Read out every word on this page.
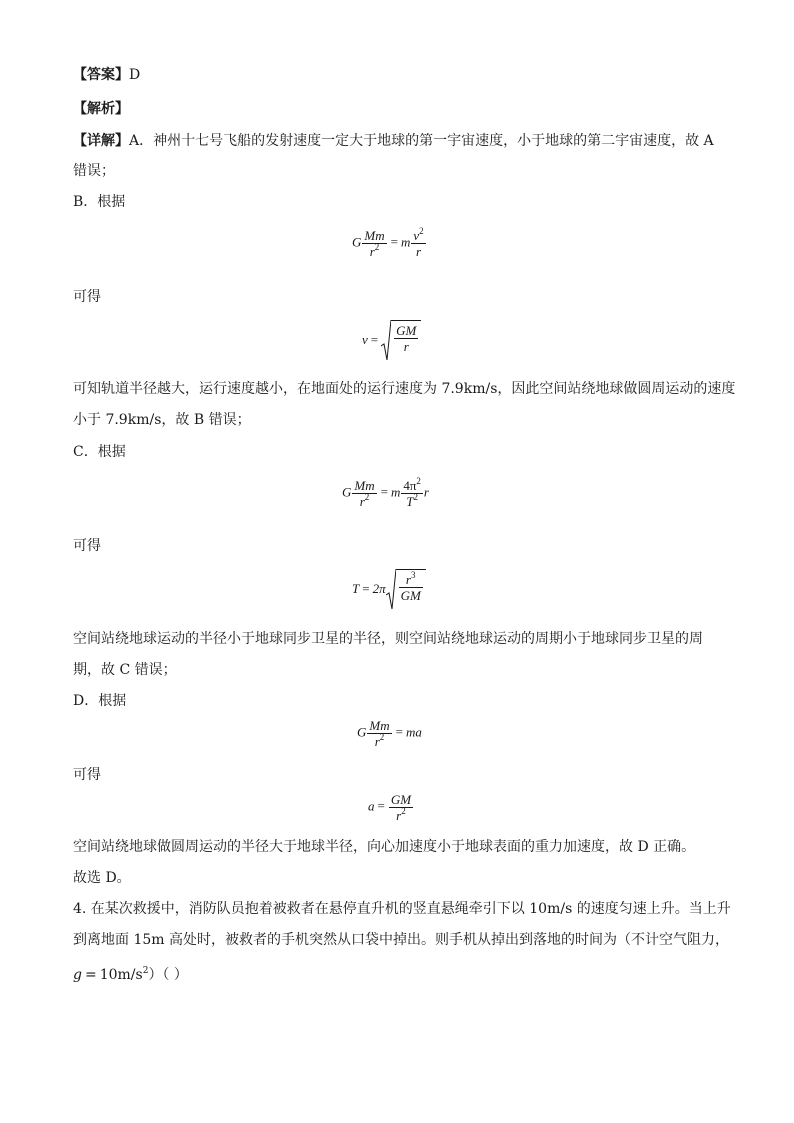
【答案】D
【解析】
【详解】A．神州十七号飞船的发射速度一定大于地球的第一宇宙速度，小于地球的第二宇宙速度，故 A
错误；
B．根据
G $\frac{Mm}{r^2} = m \frac{v^2}{r}$
可得
$v = \frac{GM}{r}$
可知轨道半径越大，运行速度越小，在地面处的运行速度为 7.9km/s，因此空间站绕地球做圆周运动的速度
小于 7.9km/s，故 B 错误；
C．根据
G $\frac{Mm}{r^2} = m \frac{4\pi^2}{T^2}$ r
可得
$T = 2\pi \frac{r^3}{GM}$
空间站绕地球运动的半径小于地球同步卫星的半径，则空间站绕地球运动的周期小于地球同步卫星的周
期，故 C 错误；
D．根据
G $\frac{Mm}{r^2}$ = ma
可得
$a = \frac{GM}{r^2}$
空间站绕地球做圆周运动的半径大于地球半径，向心加速度小于地球表面的重力加速度，故 D 正确。
故选 D。
4. 在某次救援中，消防队员抱着被救者在悬停直升机的竖直悬绳牵引下以 10m/s 的速度匀速上升。当上升
到离地面 15m 高处时，被救者的手机突然从口袋中掉出。则手机从掉出到落地的时间为（不计空气阻力，
$g = 10m/s^2$）（ ）
